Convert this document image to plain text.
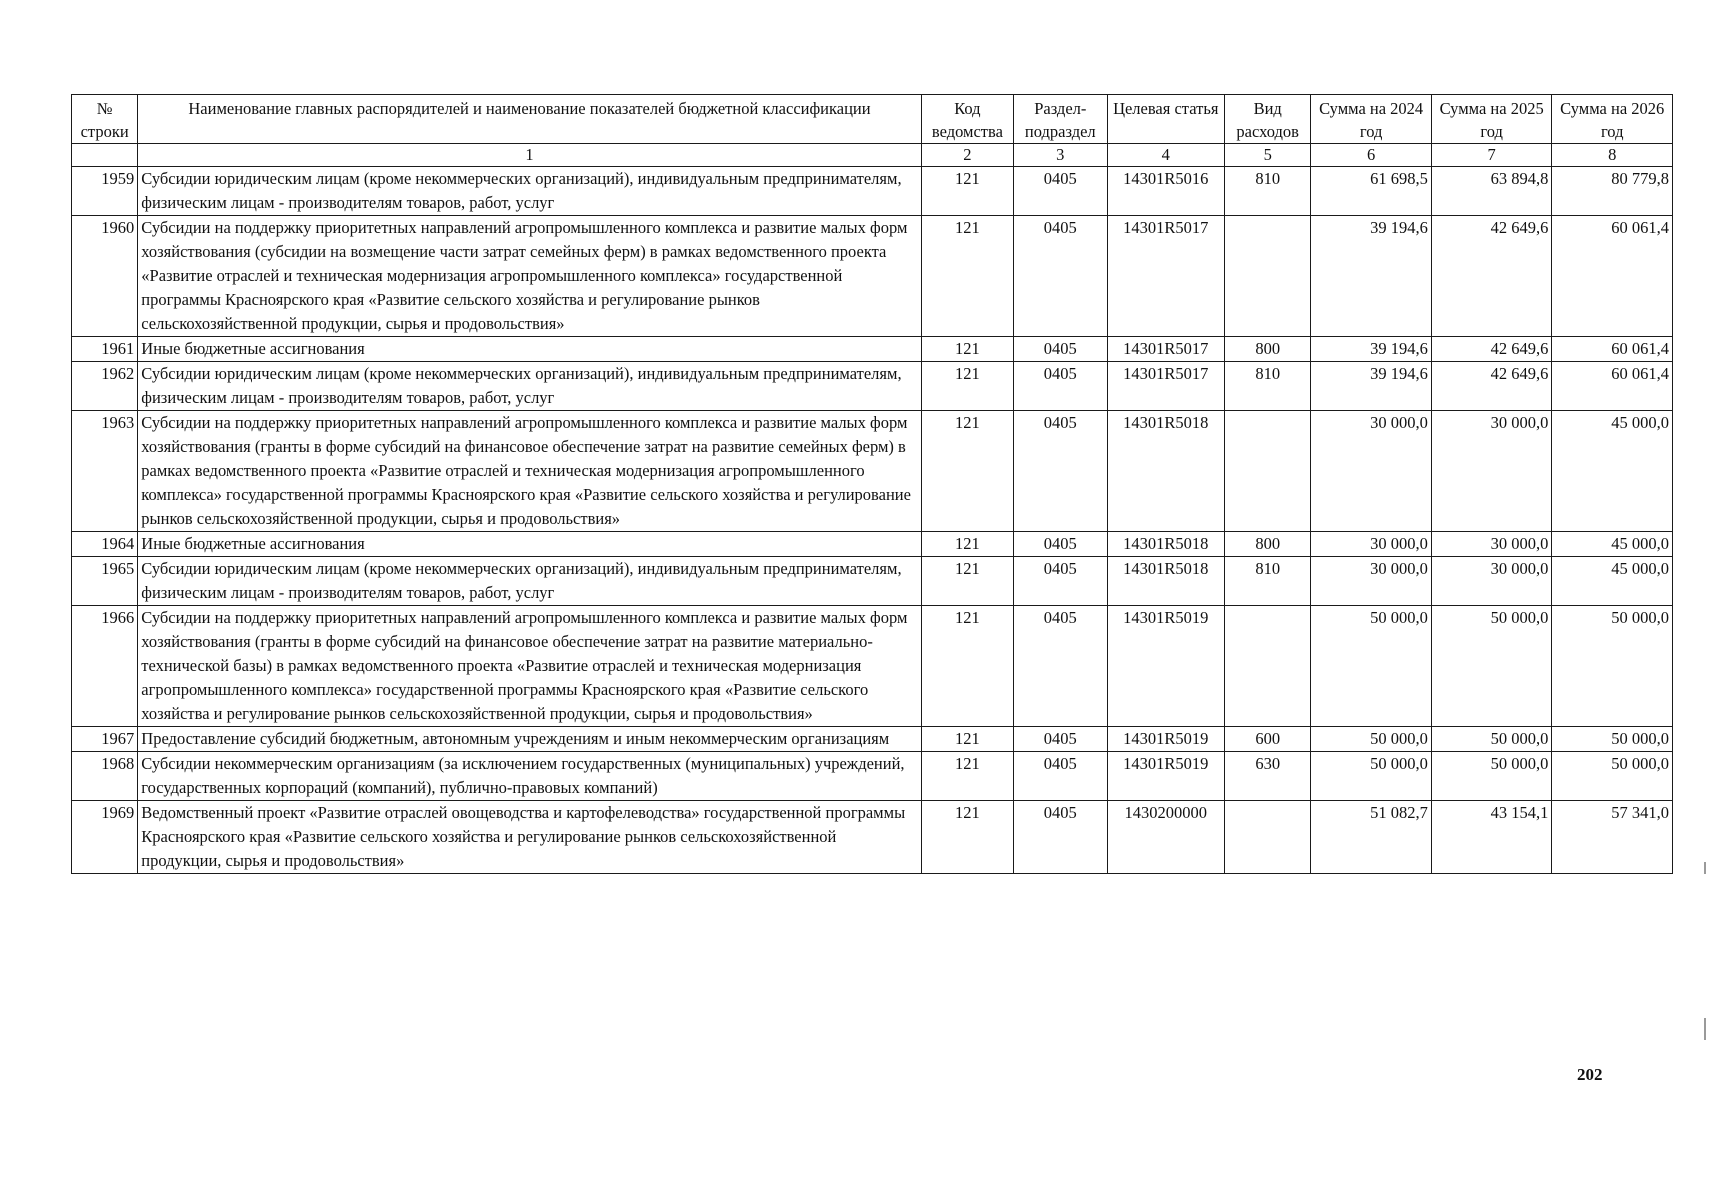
№ строки	Наименование главных распорядителей и наименование показателей бюджетной классификации	Код ведомства	Раздел-подраздел	Целевая статья	Вид расходов	Сумма на 2024 год	Сумма на 2025 год	Сумма на 2026 год
	1	2	3	4	5	6	7	8
1959	Субсидии юридическим лицам (кроме некоммерческих организаций), индивидуальным предпринимателям, физическим лицам - производителям товаров, работ, услуг	121	0405	14301R5016	810	61 698,5	63 894,8	80 779,8
1960	Субсидии на поддержку приоритетных направлений агропромышленного комплекса и развитие малых форм хозяйствования (субсидии на возмещение части затрат семейных ферм) в рамках ведомственного проекта «Развитие отраслей и техническая модернизация агропромышленного комплекса» государственной программы Красноярского края «Развитие сельского хозяйства и регулирование рынков сельскохозяйственной продукции, сырья и продовольствия»	121	0405	14301R5017		39 194,6	42 649,6	60 061,4
1961	Иные бюджетные ассигнования	121	0405	14301R5017	800	39 194,6	42 649,6	60 061,4
1962	Субсидии юридическим лицам (кроме некоммерческих организаций), индивидуальным предпринимателям, физическим лицам - производителям товаров, работ, услуг	121	0405	14301R5017	810	39 194,6	42 649,6	60 061,4
1963	Субсидии на поддержку приоритетных направлений агропромышленного комплекса и развитие малых форм хозяйствования (гранты в форме субсидий на финансовое обеспечение затрат на развитие семейных ферм) в рамках ведомственного проекта «Развитие отраслей и техническая модернизация агропромышленного комплекса» государственной программы Красноярского края «Развитие сельского хозяйства и регулирование рынков сельскохозяйственной продукции, сырья и продовольствия»	121	0405	14301R5018		30 000,0	30 000,0	45 000,0
1964	Иные бюджетные ассигнования	121	0405	14301R5018	800	30 000,0	30 000,0	45 000,0
1965	Субсидии юридическим лицам (кроме некоммерческих организаций), индивидуальным предпринимателям, физическим лицам - производителям товаров, работ, услуг	121	0405	14301R5018	810	30 000,0	30 000,0	45 000,0
1966	Субсидии на поддержку приоритетных направлений агропромышленного комплекса и развитие малых форм хозяйствования (гранты в форме субсидий на финансовое обеспечение затрат на развитие материально-технической базы) в рамках ведомственного проекта «Развитие отраслей и техническая модернизация агропромышленного комплекса» государственной программы Красноярского края «Развитие сельского хозяйства и регулирование рынков сельскохозяйственной продукции, сырья и продовольствия»	121	0405	14301R5019		50 000,0	50 000,0	50 000,0
1967	Предоставление субсидий бюджетным, автономным учреждениям и иным некоммерческим организациям	121	0405	14301R5019	600	50 000,0	50 000,0	50 000,0
1968	Субсидии некоммерческим организациям (за исключением государственных (муниципальных) учреждений, государственных корпораций (компаний), публично-правовых компаний)	121	0405	14301R5019	630	50 000,0	50 000,0	50 000,0
1969	Ведомственный проект «Развитие отраслей овощеводства и картофелеводства» государственной программы Красноярского края «Развитие сельского хозяйства и регулирование рынков сельскохозяйственной продукции, сырья и продовольствия»	121	0405	1430200000		51 082,7	43 154,1	57 341,0
202
